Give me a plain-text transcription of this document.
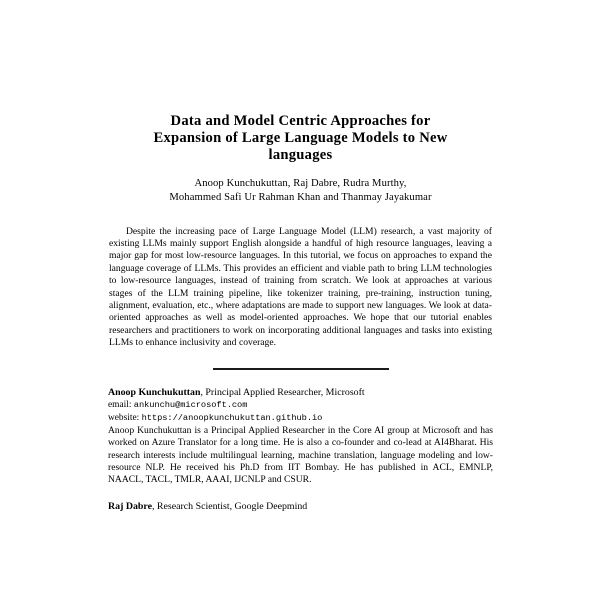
Data and Model Centric Approaches for
Expansion of Large Language Models to New
languages
Anoop Kunchukuttan, Raj Dabre, Rudra Murthy,
Mohammed Safi Ur Rahman Khan and Thanmay Jayakumar

Despite the increasing pace of Large Language Model (LLM) research, a vast majority of existing LLMs mainly support English alongside a handful of high resource languages, leaving a major gap for most low-resource languages. In this tutorial, we focus on approaches to expand the language coverage of LLMs. This provides an efficient and viable path to bring LLM technologies to low-resource languages, instead of training from scratch. We look at approaches at various stages of the LLM training pipeline, like tokenizer training, pre-training, instruction tuning, alignment, evaluation, etc., where adaptations are made to support new languages. We look at data-oriented approaches as well as model-oriented approaches. We hope that our tutorial enables researchers and practitioners to work on incorporating additional languages and tasks into existing LLMs to enhance inclusivity and coverage.

Anoop Kunchukuttan, Principal Applied Researcher, Microsoft
email: ankunchu@microsoft.com
website: https://anoopkunchukuttan.github.io

Anoop Kunchukuttan is a Principal Applied Researcher in the Core AI group at Microsoft and has worked on Azure Translator for a long time. He is also a co-founder and co-lead at AI4Bharat. His research interests include multilingual learning, machine translation, language modeling and low-resource NLP. He received his Ph.D from IIT Bombay. He has published in ACL, EMNLP, NAACL, TACL, TMLR, AAAI, IJCNLP and CSUR.

Raj Dabre, Research Scientist, Google Deepmind
